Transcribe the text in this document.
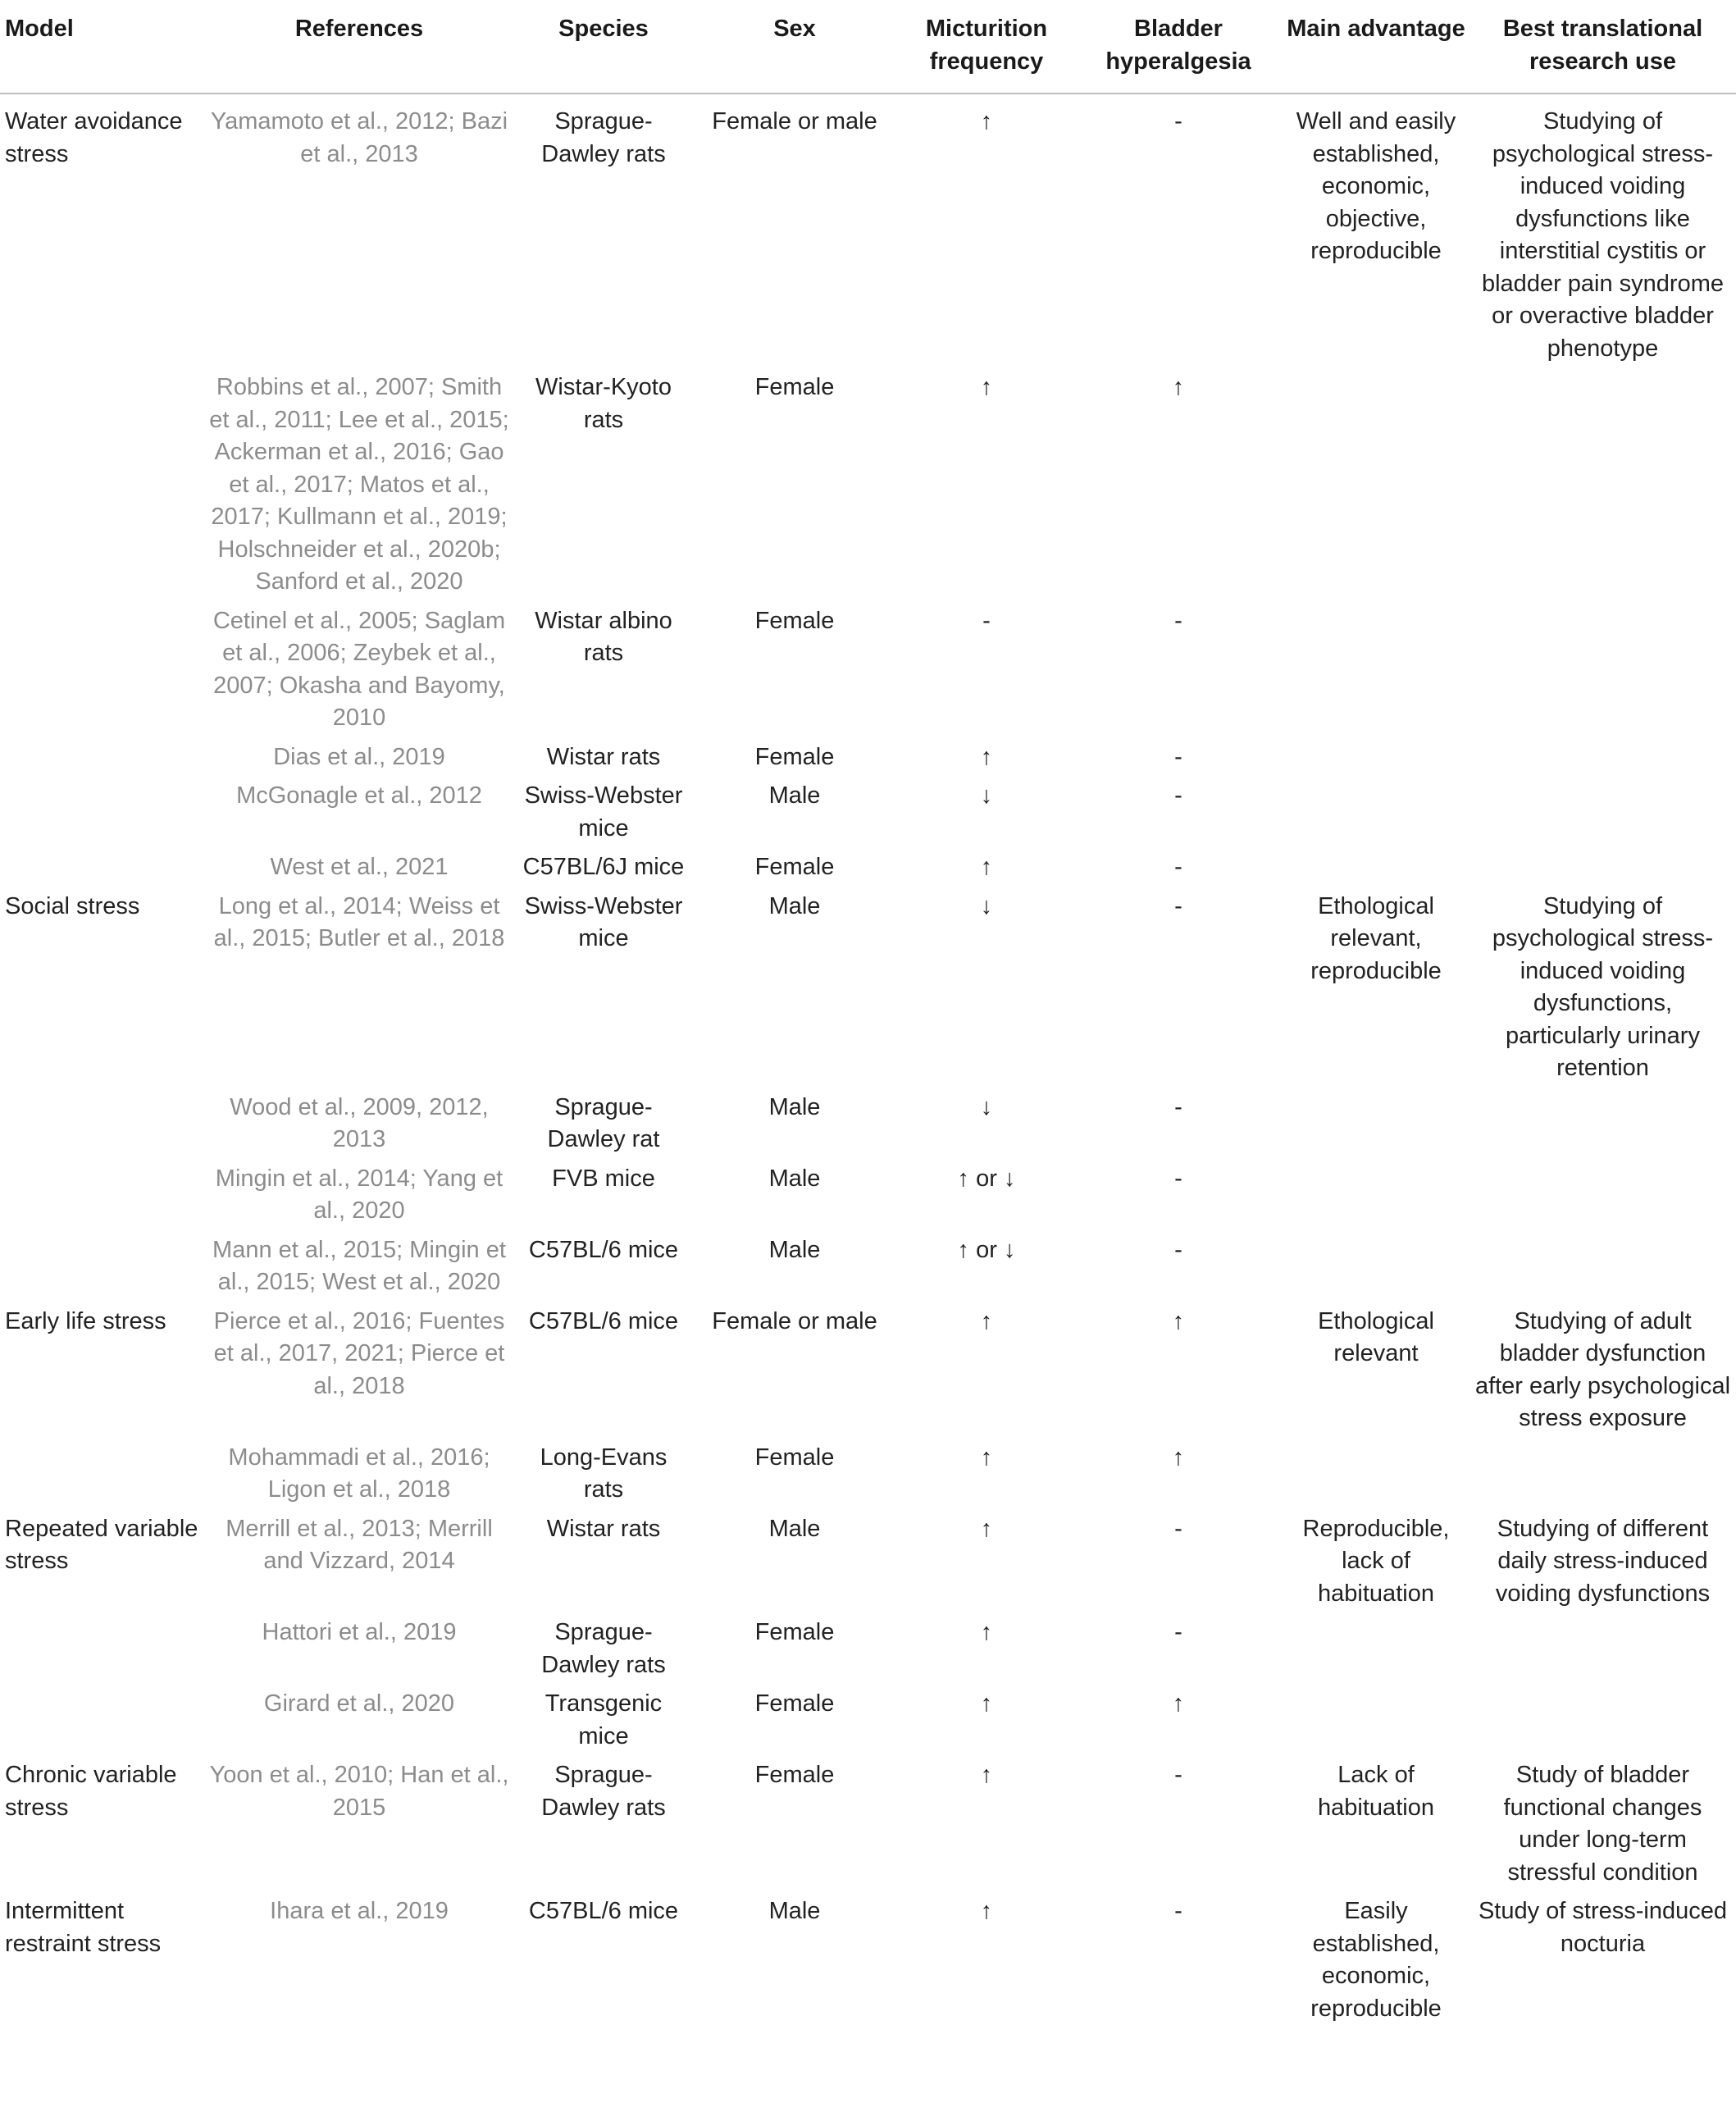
Model	References	Species	Sex	Micturition frequency	Bladder hyperalgesia	Main advantage	Best translational research use
Water avoidance stress	Yamamoto et al., 2012; Bazi et al., 2013	Sprague-Dawley rats	Female or male	↑	-	Well and easily established, economic, objective, reproducible	Studying of psychological stress-induced voiding dysfunctions like interstitial cystitis or bladder pain syndrome or overactive bladder phenotype
	Robbins et al., 2007; Smith et al., 2011; Lee et al., 2015; Ackerman et al., 2016; Gao et al., 2017; Matos et al., 2017; Kullmann et al., 2019; Holschneider et al., 2020b; Sanford et al., 2020	Wistar-Kyoto rats	Female	↑	↑		
	Cetinel et al., 2005; Saglam et al., 2006; Zeybek et al., 2007; Okasha and Bayomy, 2010	Wistar albino rats	Female	-	-		
	Dias et al., 2019	Wistar rats	Female	↑	-		
	McGonagle et al., 2012	Swiss-Webster mice	Male	↓	-		
	West et al., 2021	C57BL/6J mice	Female	↑	-		
Social stress	Long et al., 2014; Weiss et al., 2015; Butler et al., 2018	Swiss-Webster mice	Male	↓	-	Ethological relevant, reproducible	Studying of psychological stress-induced voiding dysfunctions, particularly urinary retention
	Wood et al., 2009, 2012, 2013	Sprague-Dawley rat	Male	↓	-		
	Mingin et al., 2014; Yang et al., 2020	FVB mice	Male	↑ or ↓	-		
	Mann et al., 2015; Mingin et al., 2015; West et al., 2020	C57BL/6 mice	Male	↑ or ↓	-		
Early life stress	Pierce et al., 2016; Fuentes et al., 2017, 2021; Pierce et al., 2018	C57BL/6 mice	Female or male	↑	↑	Ethological relevant	Studying of adult bladder dysfunction after early psychological stress exposure
	Mohammadi et al., 2016; Ligon et al., 2018	Long-Evans rats	Female	↑	↑		
Repeated variable stress	Merrill et al., 2013; Merrill and Vizzard, 2014	Wistar rats	Male	↑	-	Reproducible, lack of habituation	Studying of different daily stress-induced voiding dysfunctions
	Hattori et al., 2019	Sprague-Dawley rats	Female	↑	-		
	Girard et al., 2020	Transgenic mice	Female	↑	↑		
Chronic variable stress	Yoon et al., 2010; Han et al., 2015	Sprague-Dawley rats	Female	↑	-	Lack of habituation	Study of bladder functional changes under long-term stressful condition
Intermittent restraint stress	Ihara et al., 2019	C57BL/6 mice	Male	↑	-	Easily established, economic, reproducible	Study of stress-induced nocturia
